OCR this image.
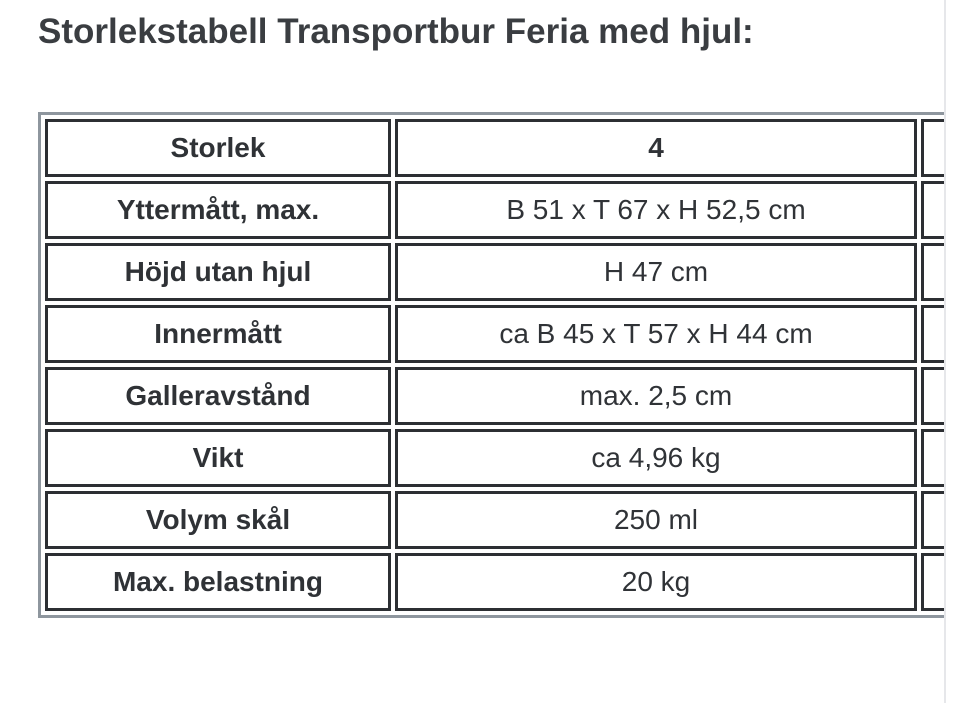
Storlekstabell Transportbur Feria med hjul:
Storlek	4	
Yttermått, max.	B 51 x T 67 x H 52,5 cm	
Höjd utan hjul	H 47 cm	
Innermått	ca B 45 x T 57 x H 44 cm	
Galleravstånd	max. 2,5 cm	
Vikt	ca 4,96 kg	
Volym skål	250 ml	
Max. belastning	20 kg	
